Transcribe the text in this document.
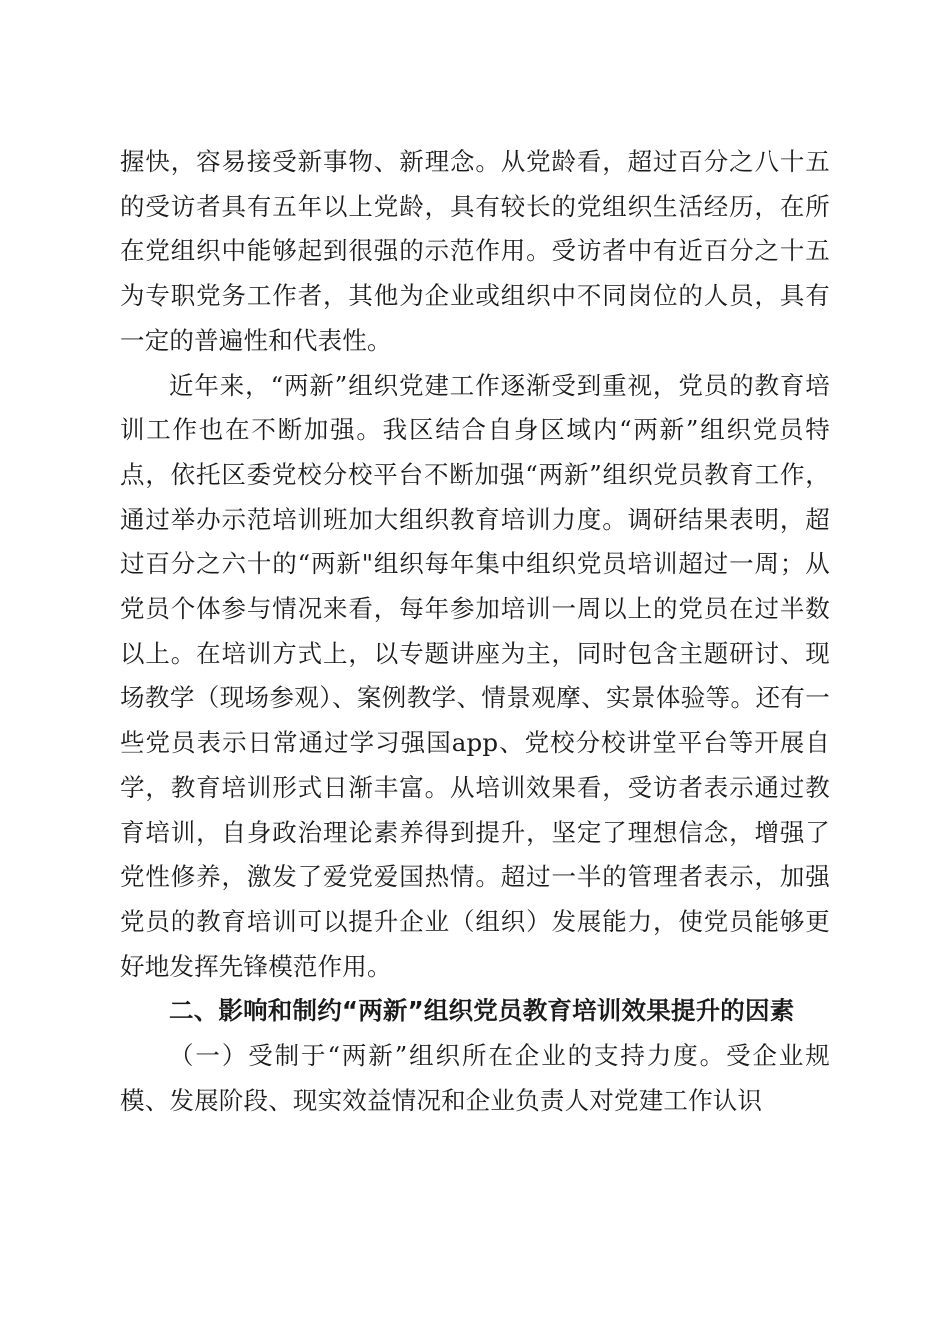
握快，容易接受新事物、新理念。从党龄看，超过百分之八十五的受访者具有五年以上党龄，具有较长的党组织生活经历，在所在党组织中能够起到很强的示范作用。受访者中有近百分之十五为专职党务工作者，其他为企业或组织中不同岗位的人员，具有一定的普遍性和代表性。

近年来，“两新”组织党建工作逐渐受到重视，党员的教育培训工作也在不断加强。我区结合自身区域内“两新”组织党员特点，依托区委党校分校平台不断加强“两新”组织党员教育工作，通过举办示范培训班加大组织教育培训力度。调研结果表明，超过百分之六十的“两新"组织每年集中组织党员培训超过一周；从党员个体参与情况来看，每年参加培训一周以上的党员在过半数以上。在培训方式上，以专题讲座为主，同时包含主题研讨、现场教学（现场参观）、案例教学、情景观摩、实景体验等。还有一些党员表示日常通过学习强国app、党校分校讲堂平台等开展自学，教育培训形式日渐丰富。从培训效果看，受访者表示通过教育培训，自身政治理论素养得到提升，坚定了理想信念，增强了党性修养，激发了爱党爱国热情。超过一半的管理者表示，加强党员的教育培训可以提升企业（组织）发展能力，使党员能够更好地发挥先锋模范作用。

二、影响和制约“两新”组织党员教育培训效果提升的因素

（一）受制于“两新”组织所在企业的支持力度。受企业规模、发展阶段、现实效益情况和企业负责人对党建工作认识
